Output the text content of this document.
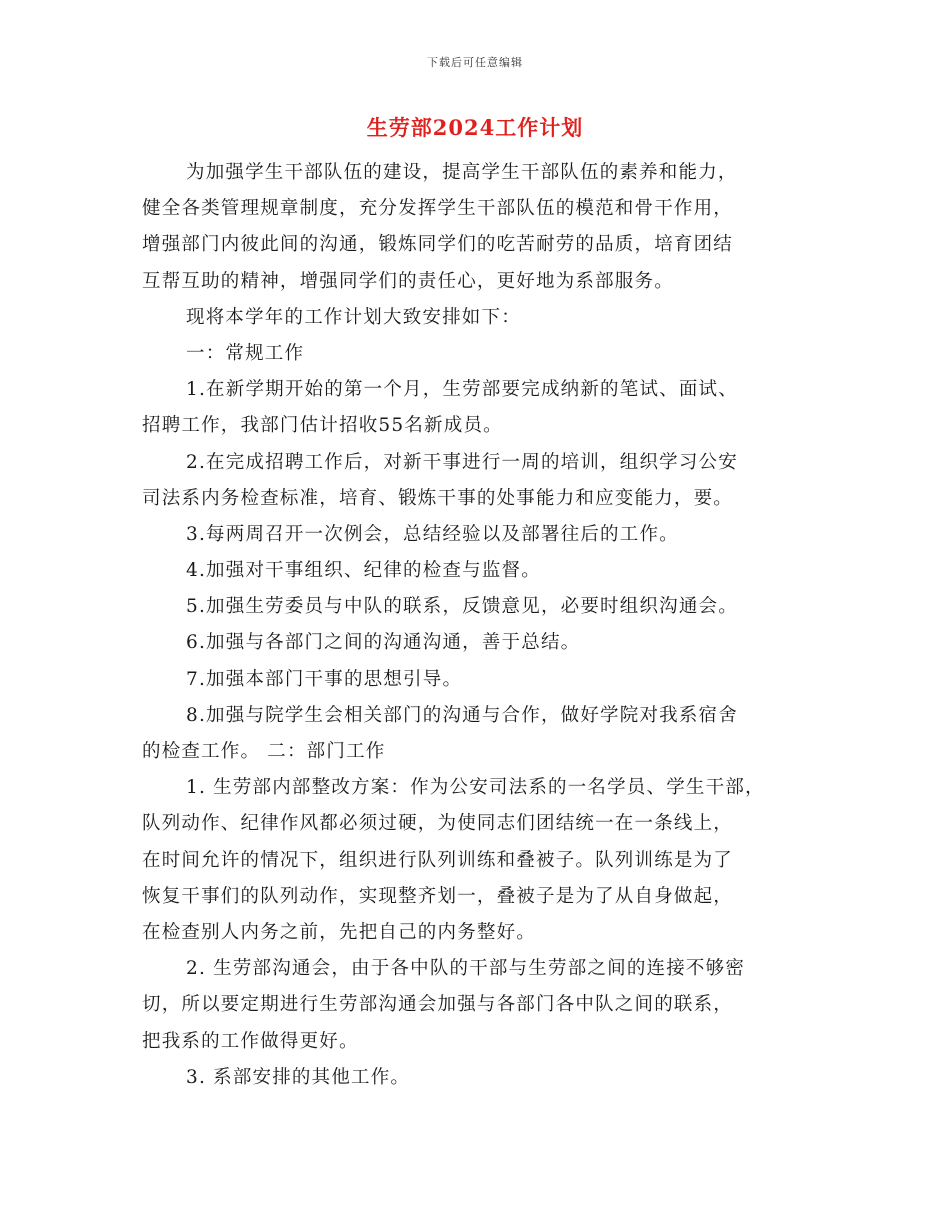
下载后可任意编辑
生劳部2024工作计划
为加强学生干部队伍的建设，提高学生干部队伍的素养和能力，
健全各类管理规章制度，充分发挥学生干部队伍的模范和骨干作用，
增强部门内彼此间的沟通，锻炼同学们的吃苦耐劳的品质，培育团结
互帮互助的精神，增强同学们的责任心，更好地为系部服务。
现将本学年的工作计划大致安排如下：
一：常规工作
1.在新学期开始的第一个月，生劳部要完成纳新的笔试、面试、
招聘工作，我部门估计招收55名新成员。
2.在完成招聘工作后，对新干事进行一周的培训，组织学习公安
司法系内务检查标准，培育、锻炼干事的处事能力和应变能力，要。
3.每两周召开一次例会，总结经验以及部署往后的工作。
4.加强对干事组织、纪律的检查与监督。
5.加强生劳委员与中队的联系，反馈意见，必要时组织沟通会。
6.加强与各部门之间的沟通沟通，善于总结。
7.加强本部门干事的思想引导。
8.加强与院学生会相关部门的沟通与合作，做好学院对我系宿舍
的检查工作。 二：部门工作
1. 生劳部内部整改方案：作为公安司法系的一名学员、学生干部，
队列动作、纪律作风都必须过硬，为使同志们团结统一在一条线上，
在时间允许的情况下，组织进行队列训练和叠被子。队列训练是为了
恢复干事们的队列动作，实现整齐划一，叠被子是为了从自身做起，
在检查别人内务之前，先把自己的内务整好。
2. 生劳部沟通会，由于各中队的干部与生劳部之间的连接不够密
切，所以要定期进行生劳部沟通会加强与各部门各中队之间的联系，
把我系的工作做得更好。
3. 系部安排的其他工作。
